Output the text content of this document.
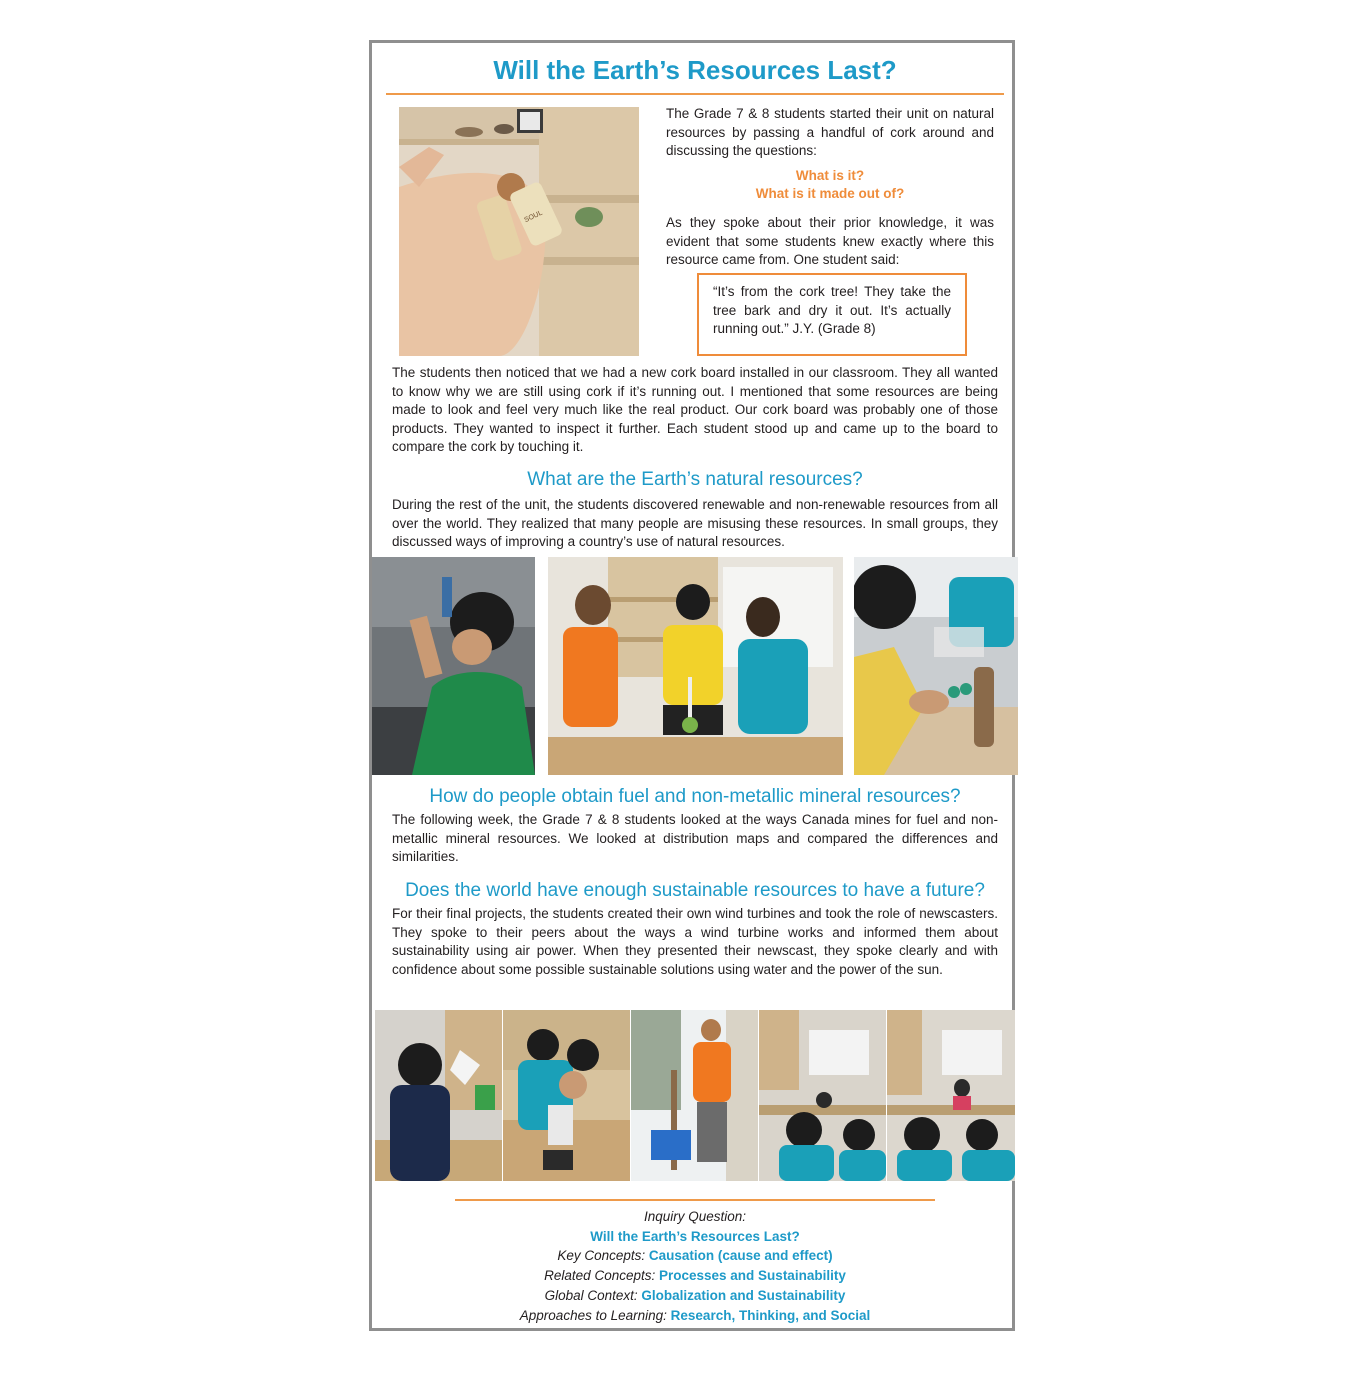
Will the Earth’s Resources Last?
SOUL
The Grade 7 & 8 students started their unit on natural resources by passing a handful of cork around and discussing the questions:
What is it?
What is it made out of?
As they spoke about their prior knowledge, it was evident that some students knew exactly where this resource came from. One student said:
“It’s from the cork tree! They take the tree bark and dry it out. It’s actually running out.” J.Y. (Grade 8)
The students then noticed that we had a new cork board installed in our classroom. They all wanted to know why we are still using cork if it’s running out. I mentioned that some resources are being made to look and feel very much like the real product. Our cork board was probably one of those products. They wanted to inspect it further. Each student stood up and came up to the board to compare the cork by touching it.
What are the Earth’s natural resources?
During the rest of the unit, the students discovered renewable and non-renewable resources from all over the world. They realized that many people are misusing these resources. In small groups, they discussed ways of improving a country’s use of natural resources.
How do people obtain fuel and non-metallic mineral resources?
The following week, the Grade 7 & 8 students looked at the ways Canada mines for fuel and non-metallic mineral resources. We looked at distribution maps and compared the differences and similarities.
Does the world have enough sustainable resources to have a future?
For their final projects, the students created their own wind turbines and took the role of newscasters. They spoke to their peers about the ways a wind turbine works and informed them about sustainability using air power. When they presented their newscast, they spoke clearly and with confidence about some possible sustainable solutions using water and the power of the sun.
Inquiry Question:
Will the Earth’s Resources Last?
Key Concepts: Causation (cause and effect)
Related Concepts: Processes and Sustainability
Global Context: Globalization and Sustainability
Approaches to Learning: Research, Thinking, and Social
